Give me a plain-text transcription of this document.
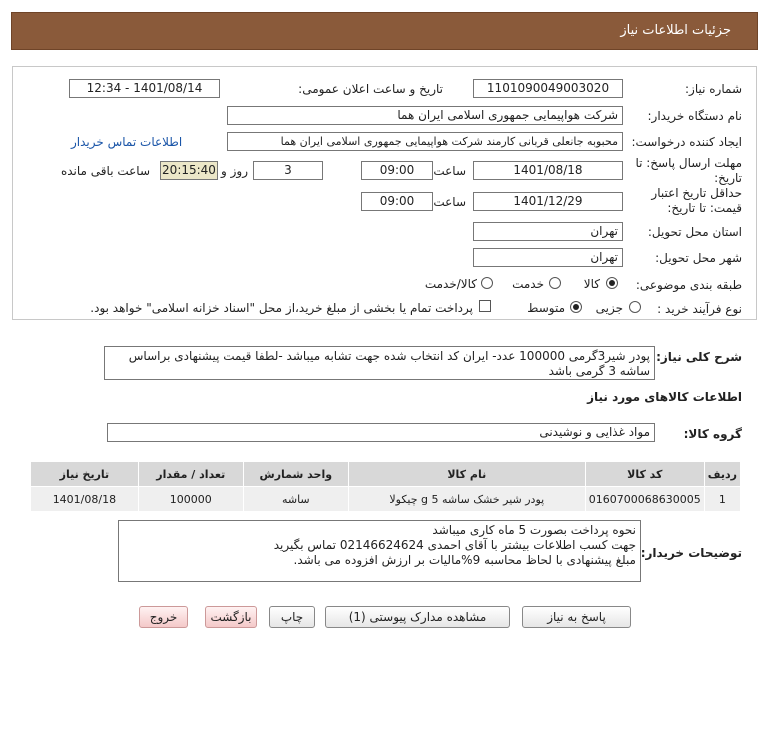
جزئیات اطلاعات نیاز
شماره نیاز:
1101090049003020
تاریخ و ساعت اعلان عمومی:
1401/08/14 - 12:34
نام دستگاه خریدار:
شرکت هواپیمایی جمهوری اسلامی ایران هما
ایجاد کننده درخواست:
محبوبه جانعلی قربانی کارمند شرکت هواپیمایی جمهوری اسلامی ایران هما
اطلاعات تماس خریدار
مهلت ارسال پاسخ: تا تاریخ:
1401/08/18
ساعت
09:00
3
روز و
20:15:40
ساعت باقی مانده
حداقل تاریخ اعتبار قیمت: تا تاریخ:
1401/12/29
ساعت
09:00
استان محل تحویل:
تهران
شهر محل تحویل:
تهران
طبقه بندی موضوعی:
کالا
خدمت
کالا/خدمت
نوع فرآیند خرید :
جزیی
متوسط
پرداخت تمام یا بخشی از مبلغ خرید،از محل "اسناد خزانه اسلامی" خواهد بود.
شرح کلی نیاز:
پودر شیر3گرمی 100000 عدد- ایران کد انتخاب شده جهت تشابه میباشد -لطفا قیمت پیشنهادی براساس ساشه 3 گرمی باشد
اطلاعات کالاهای مورد نیاز
گروه کالا:
مواد غذایی و نوشیدنی
ردیف	کد کالا	نام کالا	واحد شمارش	تعداد / مقدار	تاریخ نیاز
1	0160700068630005	پودر شیر خشک ساشه 5 g چیکولا	ساشه	100000	1401/08/18
توضیحات خریدار:
نحوه پرداخت بصورت 5 ماه کاری میباشد
جهت کسب اطلاعات بیشتر با آقای احمدی 02146624624 تماس بگیرید
مبلغ پیشنهادی با لحاظ محاسبه 9%مالیات بر ارزش افزوده می باشد.
پاسخ به نیاز
مشاهده مدارک پیوستی (1)
چاپ
بازگشت
خروج
